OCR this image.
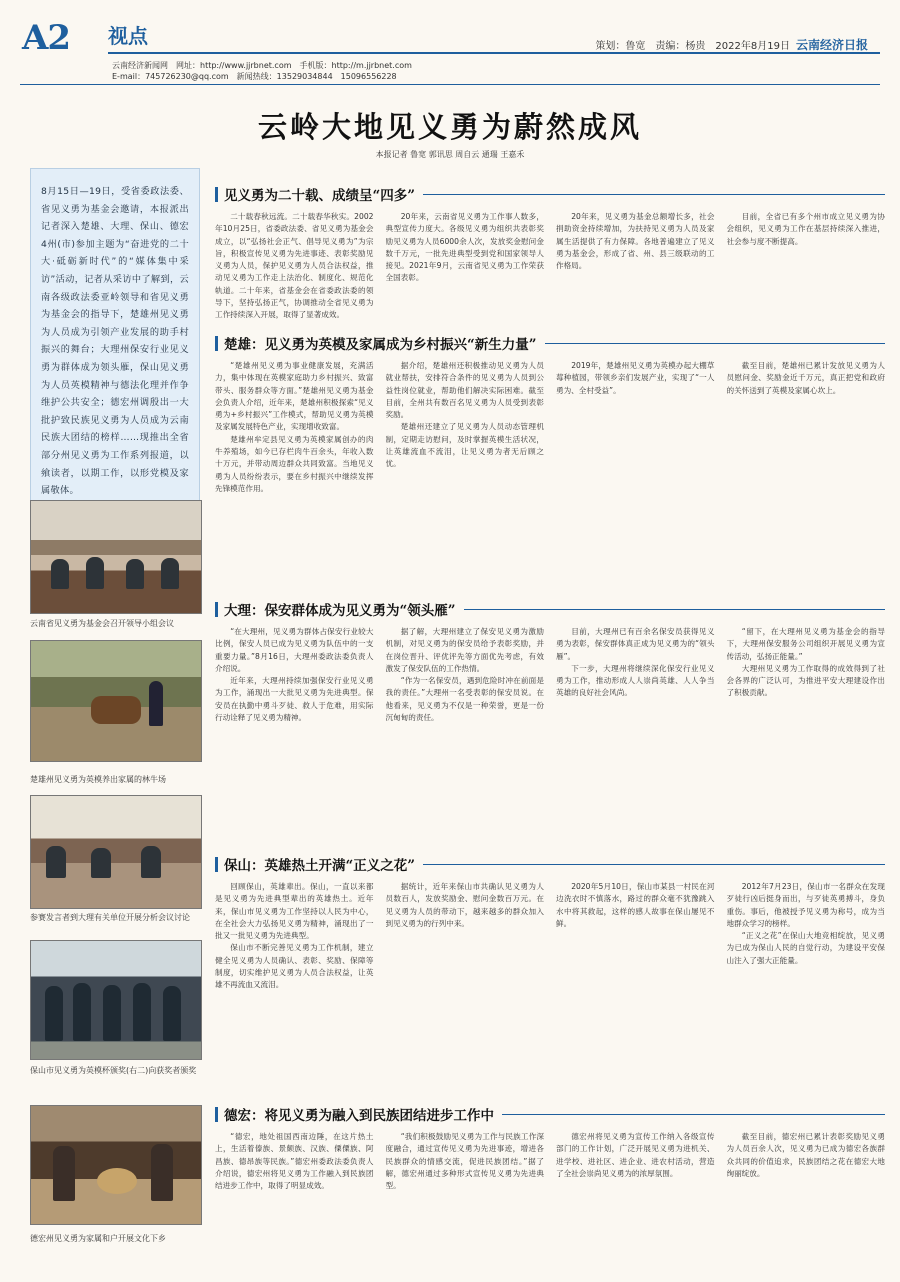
A2 视点
云南经济新闻网　网址：http://www.jjrbnet.com　手机版：http://m.jjrbnet.com
E-mail：745726230@qq.com　新闻热线：13529034844　15096556228
策划：鲁宽　责编：杨贵　2022年8月19日 云南经济日报
云岭大地见义勇为蔚然成风
本报记者 鲁宽 郭讯思 周自云 通瑞 王嘉禾
8月15日—19日，受省委政法委、省见义勇为基金会邀请，本报派出记者深入楚雄、大理、保山、德宏4州(市)参加主题为“奋进党的二十大·砥砺新时代”的“媒体集中采访”活动，记者从采访中了解到，云南各级政法委亚岭领导和省见义勇为基金会的指导下，楚雄州见义勇为人员成为引领产业发展的助手村振兴的舞台；大理州保安行业见义勇为群体成为领头雁，保山见义勇为人员英模精神与德法化理并作争维护公共安全；德宏州调殷出一大批护致民族见义勇为人员成为云南民族大团结的榜样……现推出全省部分州见义勇为工作系列报道，以飨读者，以期工作，以形党模及家属敬体。
云南省见义勇为基金会召开领导小组会议
楚雄州见义勇为英模养出家属的林牛场
参赛发言者到大理有关单位开展分析会议讨论
保山市见义勇为英模杯颁奖(右二)向获奖者颁奖
德宏州见义勇为家属和户开展文化下乡
见义勇为二十载、成绩呈“四多”

二十载春秋远流。二十载春华秋实。2002年10月25日，省委政法委、省见义勇为基金会成立，以“弘扬社会正气、倡导见义勇为”为宗旨，积极宣传见义勇为先进事迹、表彰奖励见义勇为人员，保护见义勇为人员合法权益，推动见义勇为工作走上法治化、制度化、规范化轨道。二十年来，省基金会在省委政法委的领导下，坚持弘扬正气，协调推动全省见义勇为工作持续深入开展，取得了显著成效。

20年来，云南省见义勇为工作事人数多，典型宣传力度大。各级见义勇为组织共表彰奖励见义勇为人员6000余人次，发放奖金慰问金数千万元，一批先进典型受到党和国家领导人接见。2021年9月，云南省见义勇为工作荣获全国表彰。

20年来，见义勇为基金总额增长多，社会捐助资金持续增加，为扶持见义勇为人员及家属生活提供了有力保障。各地普遍建立了见义勇为基金会，形成了省、州、县三级联动的工作格局。

目前，全省已有多个州市成立见义勇为协会组织，见义勇为工作在基层持续深入推进，社会参与度不断提高。

楚雄：见义勇为英模及家属成为乡村振兴“新生力量”

“楚雄州见义勇为事业健康发展，充满活力，集中体现在英模家庭助力乡村振兴、致富带头、服务群众等方面。”楚雄州见义勇为基金会负责人介绍，近年来，楚雄州积极探索“见义勇为+乡村振兴”工作模式，帮助见义勇为英模及家属发展特色产业，实现增收致富。

楚雄州牟定县见义勇为英模家属创办的肉牛养殖场，如今已存栏肉牛百余头，年收入数十万元，并带动周边群众共同致富。当地见义勇为人员纷纷表示，要在乡村振兴中继续发挥先锋模范作用。

据介绍，楚雄州还积极推动见义勇为人员就业帮扶，安排符合条件的见义勇为人员到公益性岗位就业，帮助他们解决实际困难。截至目前，全州共有数百名见义勇为人员受到表彰奖励。

楚雄州还建立了见义勇为人员动态管理机制，定期走访慰问，及时掌握英模生活状况，让英雄流血不流泪，让见义勇为者无后顾之忧。

2019年，楚雄州见义勇为英模办起大棚草莓种植园，带领乡亲们发展产业，实现了“一人勇为、全村受益”。

截至目前，楚雄州已累计发放见义勇为人员慰问金、奖励金近千万元，真正把党和政府的关怀送到了英模及家属心坎上。

大理：保安群体成为见义勇为“领头雁”

“在大理州，见义勇为群体占保安行业较大比例，保安人员已成为见义勇为队伍中的一支重要力量。”8月16日，大理州委政法委负责人介绍说。

近年来，大理州持续加强保安行业见义勇为工作，涌现出一大批见义勇为先进典型。保安员在执勤中勇斗歹徒、救人于危难，用实际行动诠释了见义勇为精神。

据了解，大理州建立了保安见义勇为激励机制，对见义勇为的保安员给予表彰奖励，并在岗位晋升、评优评先等方面优先考虑，有效激发了保安队伍的工作热情。

“作为一名保安员，遇到危险时冲在前面是我的责任。”大理州一名受表彰的保安员说。在他看来，见义勇为不仅是一种荣誉，更是一份沉甸甸的责任。

目前，大理州已有百余名保安员获得见义勇为表彰，保安群体真正成为见义勇为的“领头雁”。

下一步，大理州将继续深化保安行业见义勇为工作，推动形成人人崇尚英雄、人人争当英雄的良好社会风尚。

“留下，在大理州见义勇为基金会的指导下，大理州保安服务公司组织开展见义勇为宣传活动，弘扬正能量。”

大理州见义勇为工作取得的成效得到了社会各界的广泛认可，为推进平安大理建设作出了积极贡献。

保山：英雄热土开满“正义之花”

回顾保山，英雄辈出。保山，一直以来都是见义勇为先进典型辈出的英雄热土。近年来，保山市见义勇为工作坚持以人民为中心，在全社会大力弘扬见义勇为精神，涌现出了一批又一批见义勇为先进典型。

保山市不断完善见义勇为工作机制，建立健全见义勇为人员确认、表彰、奖励、保障等制度，切实维护见义勇为人员合法权益，让英雄不再流血又流泪。

据统计，近年来保山市共确认见义勇为人员数百人，发放奖励金、慰问金数百万元。在见义勇为人员的带动下，越来越多的群众加入到见义勇为的行列中来。

2020年5月10日，保山市某县一村民在河边洗衣时不慎落水，路过的群众毫不犹豫跳入水中将其救起，这样的感人故事在保山屡见不鲜。

2012年7月23日，保山市一名群众在发现歹徒行凶后挺身而出，与歹徒英勇搏斗，身负重伤。事后，他被授予见义勇为称号，成为当地群众学习的榜样。

“正义之花”在保山大地竞相绽放，见义勇为已成为保山人民的自觉行动，为建设平安保山注入了强大正能量。

德宏：将见义勇为融入到民族团结进步工作中

“德宏，地处祖国西南边陲，在这片热土上，生活着傣族、景颇族、汉族、傈僳族、阿昌族、德昂族等民族。”德宏州委政法委负责人介绍说，德宏州将见义勇为工作融入到民族团结进步工作中，取得了明显成效。

“我们积极鼓励见义勇为工作与民族工作深度融合，通过宣传见义勇为先进事迹，增进各民族群众的情感交流，促进民族团结。”据了解，德宏州通过多种形式宣传见义勇为先进典型。

德宏州将见义勇为宣传工作纳入各级宣传部门的工作计划，广泛开展见义勇为进机关、进学校、进社区、进企业、进农村活动，营造了全社会崇尚见义勇为的浓厚氛围。

截至目前，德宏州已累计表彰奖励见义勇为人员百余人次，见义勇为已成为德宏各族群众共同的价值追求，民族团结之花在德宏大地绚丽绽放。
